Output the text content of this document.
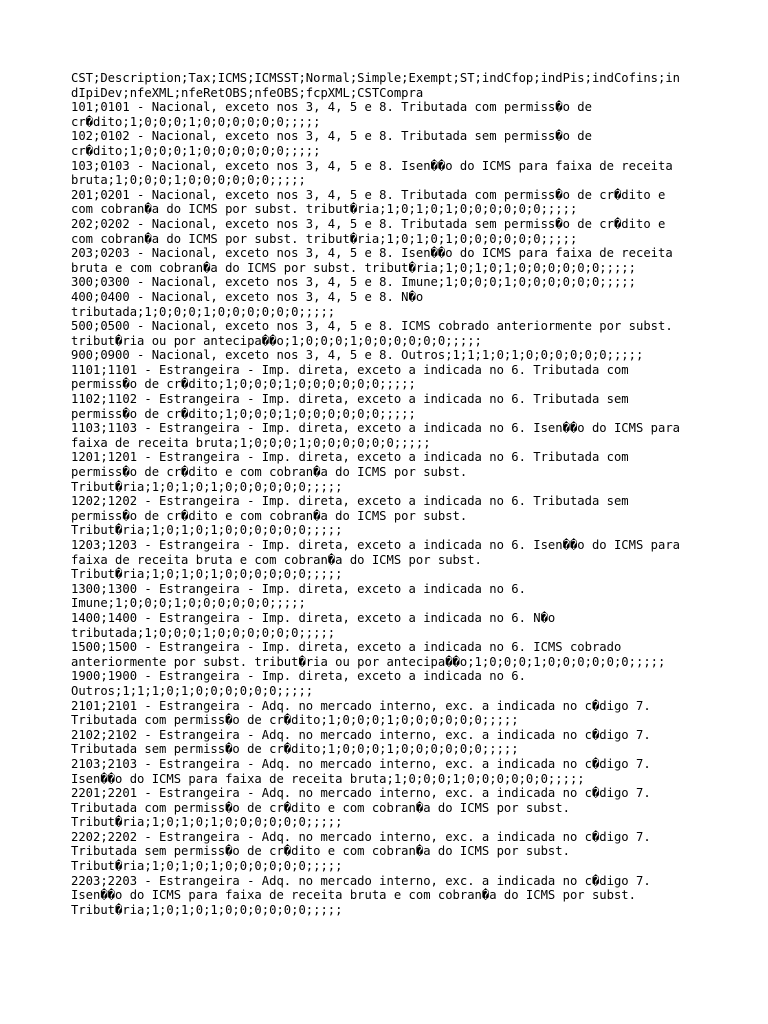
CST;Description;Tax;ICMS;ICMSST;Normal;Simple;Exempt;ST;indCfop;indPis;indCofins;in
dIpiDev;nfeXML;nfeRetOBS;nfeOBS;fcpXML;CSTCompra
101;0101 - Nacional, exceto nos 3, 4, 5 e 8. Tributada com permiss�o de
cr�dito;1;0;0;0;1;0;0;0;0;0;0;;;;;
102;0102 - Nacional, exceto nos 3, 4, 5 e 8. Tributada sem permiss�o de
cr�dito;1;0;0;0;1;0;0;0;0;0;0;;;;;
103;0103 - Nacional, exceto nos 3, 4, 5 e 8. Isen��o do ICMS para faixa de receita
bruta;1;0;0;0;1;0;0;0;0;0;0;;;;;
201;0201 - Nacional, exceto nos 3, 4, 5 e 8. Tributada com permiss�o de cr�dito e
com cobran�a do ICMS por subst. tribut�ria;1;0;1;0;1;0;0;0;0;0;0;;;;;
202;0202 - Nacional, exceto nos 3, 4, 5 e 8. Tributada sem permiss�o de cr�dito e
com cobran�a do ICMS por subst. tribut�ria;1;0;1;0;1;0;0;0;0;0;0;;;;;
203;0203 - Nacional, exceto nos 3, 4, 5 e 8. Isen��o do ICMS para faixa de receita
bruta e com cobran�a do ICMS por subst. tribut�ria;1;0;1;0;1;0;0;0;0;0;0;;;;;
300;0300 - Nacional, exceto nos 3, 4, 5 e 8. Imune;1;0;0;0;1;0;0;0;0;0;0;;;;;
400;0400 - Nacional, exceto nos 3, 4, 5 e 8. N�o
tributada;1;0;0;0;1;0;0;0;0;0;0;;;;;
500;0500 - Nacional, exceto nos 3, 4, 5 e 8. ICMS cobrado anteriormente por subst.
tribut�ria ou por antecipa��o;1;0;0;0;1;0;0;0;0;0;0;;;;;
900;0900 - Nacional, exceto nos 3, 4, 5 e 8. Outros;1;1;1;0;1;0;0;0;0;0;0;;;;;
1101;1101 - Estrangeira - Imp. direta, exceto a indicada no 6. Tributada com
permiss�o de cr�dito;1;0;0;0;1;0;0;0;0;0;0;;;;;
1102;1102 - Estrangeira - Imp. direta, exceto a indicada no 6. Tributada sem
permiss�o de cr�dito;1;0;0;0;1;0;0;0;0;0;0;;;;;
1103;1103 - Estrangeira - Imp. direta, exceto a indicada no 6. Isen��o do ICMS para
faixa de receita bruta;1;0;0;0;1;0;0;0;0;0;0;;;;;
1201;1201 - Estrangeira - Imp. direta, exceto a indicada no 6. Tributada com
permiss�o de cr�dito e com cobran�a do ICMS por subst.
Tribut�ria;1;0;1;0;1;0;0;0;0;0;0;;;;;
1202;1202 - Estrangeira - Imp. direta, exceto a indicada no 6. Tributada sem
permiss�o de cr�dito e com cobran�a do ICMS por subst.
Tribut�ria;1;0;1;0;1;0;0;0;0;0;0;;;;;
1203;1203 - Estrangeira - Imp. direta, exceto a indicada no 6. Isen��o do ICMS para
faixa de receita bruta e com cobran�a do ICMS por subst.
Tribut�ria;1;0;1;0;1;0;0;0;0;0;0;;;;;
1300;1300 - Estrangeira - Imp. direta, exceto a indicada no 6.
Imune;1;0;0;0;1;0;0;0;0;0;0;;;;;
1400;1400 - Estrangeira - Imp. direta, exceto a indicada no 6. N�o
tributada;1;0;0;0;1;0;0;0;0;0;0;;;;;
1500;1500 - Estrangeira - Imp. direta, exceto a indicada no 6. ICMS cobrado
anteriormente por subst. tribut�ria ou por antecipa��o;1;0;0;0;1;0;0;0;0;0;0;;;;;
1900;1900 - Estrangeira - Imp. direta, exceto a indicada no 6.
Outros;1;1;1;0;1;0;0;0;0;0;0;;;;;
2101;2101 - Estrangeira - Adq. no mercado interno, exc. a indicada no c�digo 7.
Tributada com permiss�o de cr�dito;1;0;0;0;1;0;0;0;0;0;0;;;;;
2102;2102 - Estrangeira - Adq. no mercado interno, exc. a indicada no c�digo 7.
Tributada sem permiss�o de cr�dito;1;0;0;0;1;0;0;0;0;0;0;;;;;
2103;2103 - Estrangeira - Adq. no mercado interno, exc. a indicada no c�digo 7.
Isen��o do ICMS para faixa de receita bruta;1;0;0;0;1;0;0;0;0;0;0;;;;;
2201;2201 - Estrangeira - Adq. no mercado interno, exc. a indicada no c�digo 7.
Tributada com permiss�o de cr�dito e com cobran�a do ICMS por subst.
Tribut�ria;1;0;1;0;1;0;0;0;0;0;0;;;;;
2202;2202 - Estrangeira - Adq. no mercado interno, exc. a indicada no c�digo 7.
Tributada sem permiss�o de cr�dito e com cobran�a do ICMS por subst.
Tribut�ria;1;0;1;0;1;0;0;0;0;0;0;;;;;
2203;2203 - Estrangeira - Adq. no mercado interno, exc. a indicada no c�digo 7.
Isen��o do ICMS para faixa de receita bruta e com cobran�a do ICMS por subst.
Tribut�ria;1;0;1;0;1;0;0;0;0;0;0;;;;;
